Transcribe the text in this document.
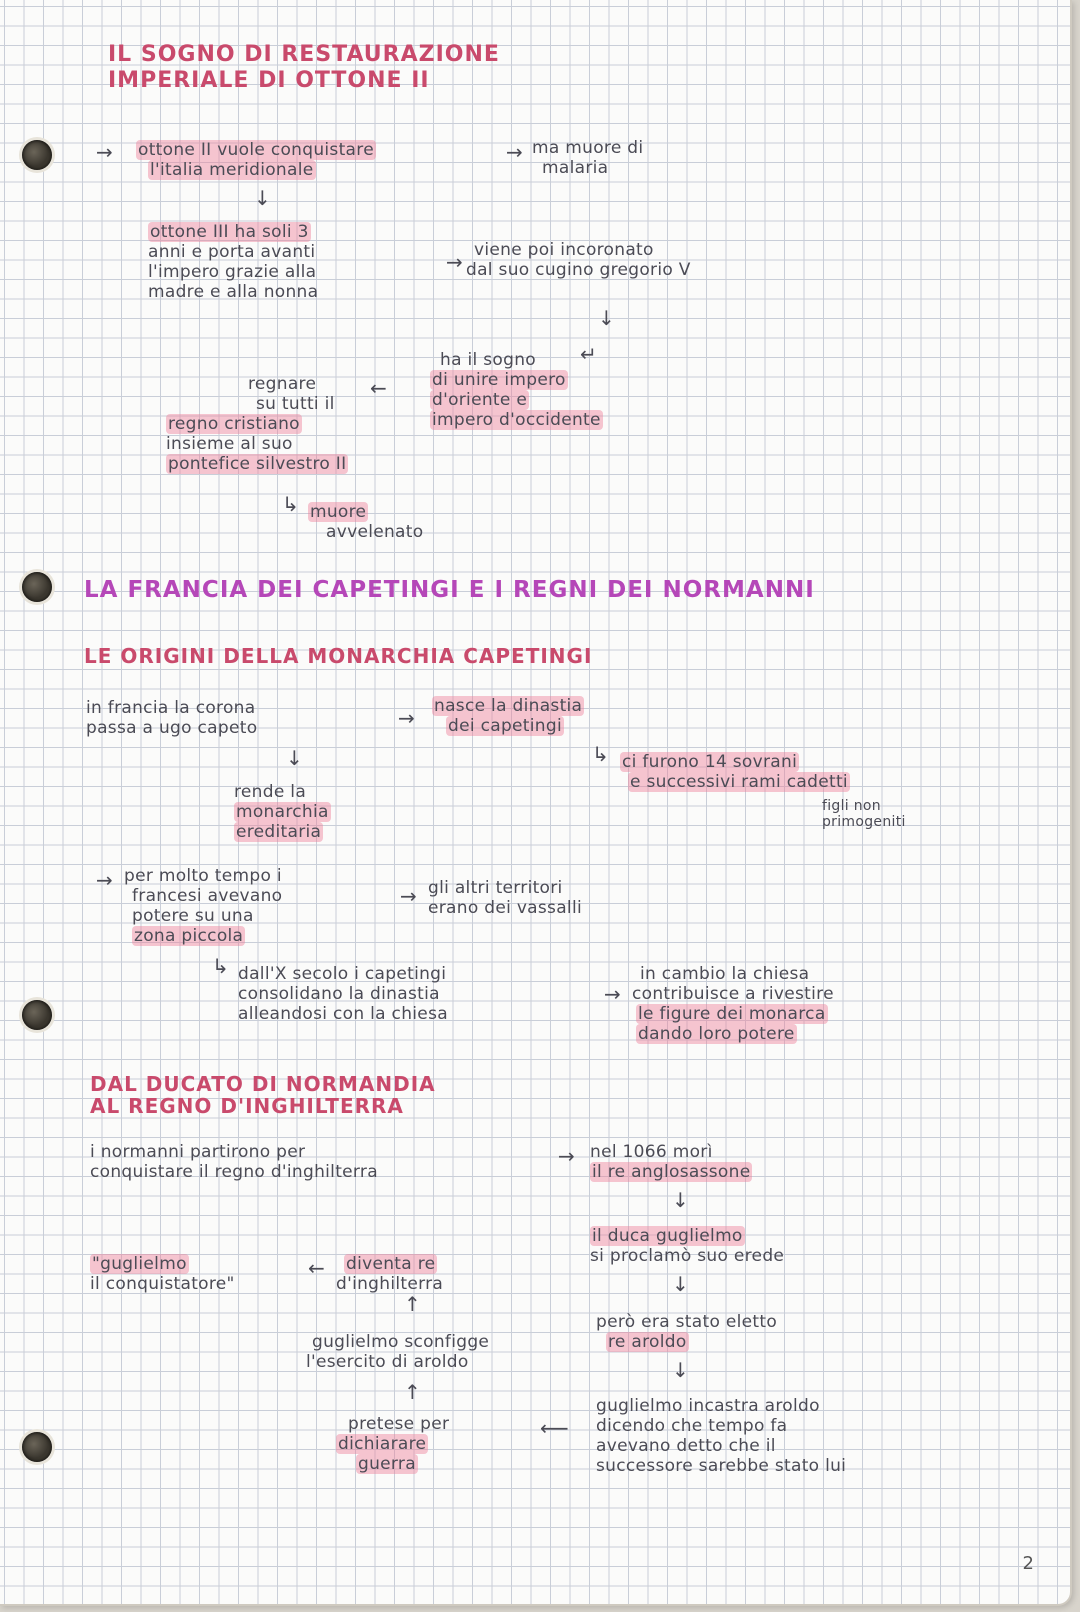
IL SOGNO DI RESTAURAZIONE
IMPERIALE DI OTTONE II
→ ottone II vuole conquistare
l'italia meridionale
→ ma muore di
malaria
↓
ottone III ha soli 3
anni e porta avanti
l'impero grazie alla
madre e alla nonna
→ viene poi incoronato
dal suo cugino gregorio V
↓
↵
ha il sogno
di unire impero
d'oriente e
impero d'occidente
←
regnare
su tutti il
regno cristiano
insieme al suo
pontefice silvestro II
↳ muore
avvelenato
LA FRANCIA DEI CAPETINGI E I REGNI DEI NORMANNI
LE ORIGINI DELLA MONARCHIA CAPETINGI
in francia la corona
passa a ugo capeto	→ nasce la dinastia
dei capetingi
↳ ci furono 14 sovrani
e successivi rami cadetti
figli non
primogeniti
↓
rende la
monarchia
ereditaria
→ per molto tempo i
francesi avevano
potere su una
zona piccola
→ gli altri territori
erano dei vassalli
↳ dall'X secolo i capetingi
consolidano la dinastia
alleandosi con la chiesa
→
in cambio la chiesa
contribuisce a rivestire
le figure dei monarca
dando loro potere
DAL DUCATO DI NORMANDIA
AL REGNO D'INGHILTERRA
i normanni partirono per
conquistare il regno d'inghilterra
→ nel 1066 morì
il re anglosassone
↓
il duca guglielmo
si proclamò suo erede
↓
però era stato eletto
re aroldo
↓
guglielmo incastra aroldo
dicendo che tempo fa
avevano detto che il
successore sarebbe stato lui
⟵
pretese per
dichiarare
guerra
↑
guglielmo sconfigge
l'esercito di aroldo
↑
diventa re
d'inghilterra
←
"guglielmo
il conquistatore"
2
